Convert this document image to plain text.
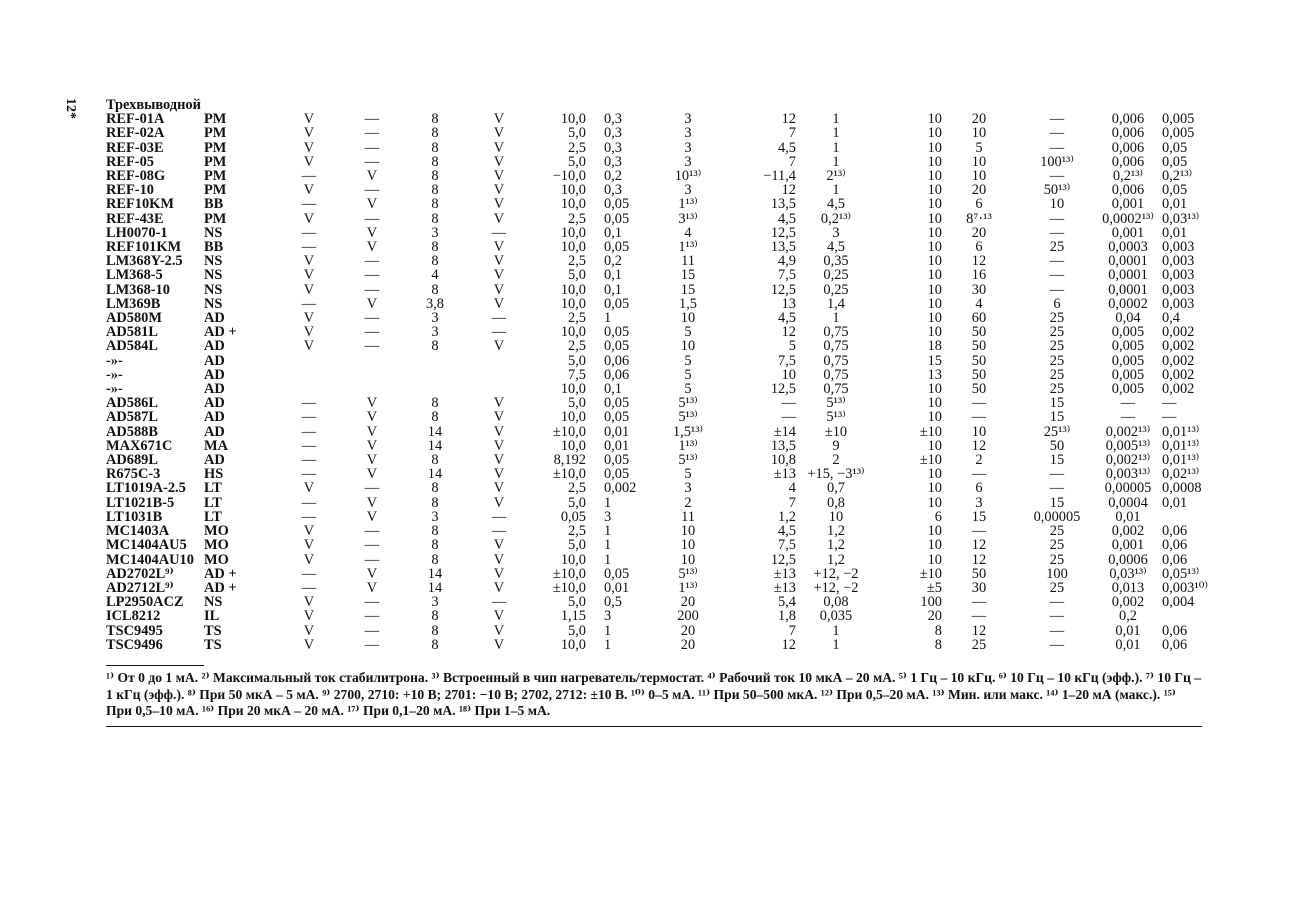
12* Трехвыводной															
REF-01A	PM	V	—	8	V	10,0	0,3	3	12	1	10	20	—	0,006	0,005
REF-02A	PM	V	—	8	V	5,0	0,3	3	7	1	10	10	—	0,006	0,005
REF-03E	PM	V	—	8	V	2,5	0,3	3	4,5	1	10	5	—	0,006	0,05
REF-05	PM	V	—	8	V	5,0	0,3	3	7	1	10	10	100¹³⁾	0,006	0,05
REF-08G	PM	—	V	8	V	−10,0	0,2	10¹³⁾	−11,4	2¹³⁾	10	10	—	0,2¹³⁾	0,2¹³⁾
REF-10	PM	V	—	8	V	10,0	0,3	3	12	1	10	20	50¹³⁾	0,006	0,05
REF10KM	BB	—	V	8	V	10,0	0,05	1¹³⁾	13,5	4,5	10	6	10	0,001	0,01
REF-43E	PM	V	—	8	V	2,5	0,05	3¹³⁾	4,5	0,2¹³⁾	10	8⁷·¹³	—	0,0002¹³⁾	0,03¹³⁾
LH0070-1	NS	—	V	3	—	10,0	0,1	4	12,5	3	10	20	—	0,001	0,01
REF101KM	BB	—	V	8	V	10,0	0,05	1¹³⁾	13,5	4,5	10	6	25	0,0003	0,003
LM368Y-2.5	NS	V	—	8	V	2,5	0,2	11	4,9	0,35	10	12	—	0,0001	0,003
LM368-5	NS	V	—	4	V	5,0	0,1	15	7,5	0,25	10	16	—	0,0001	0,003
LM368-10	NS	V	—	8	V	10,0	0,1	15	12,5	0,25	10	30	—	0,0001	0,003
LM369B	NS	—	V	3,8	V	10,0	0,05	1,5	13	1,4	10	4	6	0,0002	0,003
AD580M	AD	V	—	3	—	2,5	1	10	4,5	1	10	60	25	0,04	0,4
AD581L	AD +	V	—	3	—	10,0	0,05	5	12	0,75	10	50	25	0,005	0,002
AD584L	AD	V	—	8	V	2,5	0,05	10	5	0,75	18	50	25	0,005	0,002
-»-	AD					5,0	0,06	5	7,5	0,75	15	50	25	0,005	0,002
-»-	AD					7,5	0,06	5	10	0,75	13	50	25	0,005	0,002
-»-	AD					10,0	0,1	5	12,5	0,75	10	50	25	0,005	0,002
AD586L	AD	—	V	8	V	5,0	0,05	5¹³⁾	—	5¹³⁾	10	—	15	—	—
AD587L	AD	—	V	8	V	10,0	0,05	5¹³⁾	—	5¹³⁾	10	—	15	—	—
AD588B	AD	—	V	14	V	±10,0	0,01	1,5¹³⁾	±14	±10	±10	10	25¹³⁾	0,002¹³⁾	0,01¹³⁾
MAX671C	MA	—	V	14	V	10,0	0,01	1¹³⁾	13,5	9	10	12	50	0,005¹³⁾	0,01¹³⁾
AD689L	AD	—	V	8	V	8,192	0,05	5¹³⁾	10,8	2	±10	2	15	0,002¹³⁾	0,01¹³⁾
R675C-3	HS	—	V	14	V	±10,0	0,05	5	±13	+15, −3¹³⁾	10	—	—	0,003¹³⁾	0,02¹³⁾
LT1019A-2.5	LT	V	—	8	V	2,5	0,002	3	4	0,7	10	6	—	0,00005	0,0008
LT1021B-5	LT	—	V	8	V	5,0	1	2	7	0,8	10	3	15	0,0004	0,01
LT1031B	LT	—	V	3	—	0,05	3	11	1,2	10	6	15	0,00005	0,01	
MC1403A	MO	V	—	8	—	2,5	1	10	4,5	1,2	10	—	25	0,002	0,06
MC1404AU5	MO	V	—	8	V	5,0	1	10	7,5	1,2	10	12	25	0,001	0,06
MC1404AU10	MO	V	—	8	V	10,0	1	10	12,5	1,2	10	12	25	0,0006	0,06
AD2702L⁹⁾	AD +	—	V	14	V	±10,0	0,05	5¹³⁾	±13	+12, −2	±10	50	100	0,03¹³⁾	0,05¹³⁾
AD2712L⁹⁾	AD +	—	V	14	V	±10,0	0,01	1¹³⁾	±13	+12, −2	±5	30	25	0,013	0,003¹⁰⁾
LP2950ACZ	NS	V	—	3	—	5,0	0,5	20	5,4	0,08	100	—	—	0,002	0,004
ICL8212	IL	V	—	8	V	1,15	3	200	1,8	0,035	20	—	—	0,2	
TSC9495	TS	V	—	8	V	5,0	1	20	7	1	8	12	—	0,01	0,06
TSC9496	TS	V	—	8	V	10,0	1	20	12	1	8	25	—	0,01	0,06
¹⁾ От 0 до 1 мА. ²⁾ Максимальный ток стабилитрона. ³⁾ Встроенный в чип нагреватель/термостат. ⁴⁾ Рабочий ток 10 мкА – 20 мА. ⁵⁾ 1 Гц – 10 кГц. ⁶⁾ 10 Гц – 10 кГц (эфф.). ⁷⁾ 10 Гц – 1 кГц (эфф.). ⁸⁾ При 50 мкА – 5 мА. ⁹⁾ 2700, 2710: +10 В; 2701: −10 В; 2702, 2712: ±10 В. ¹⁰⁾ 0–5 мА. ¹¹⁾ При 50–500 мкА. ¹²⁾ При 0,5–20 мА. ¹³⁾ Мин. или макс. ¹⁴⁾ 1–20 мА (макс.). ¹⁵⁾ При 0,5–10 мА. ¹⁶⁾ При 20 мкА – 20 мА. ¹⁷⁾ При 0,1–20 мА. ¹⁸⁾ При 1–5 мА.
